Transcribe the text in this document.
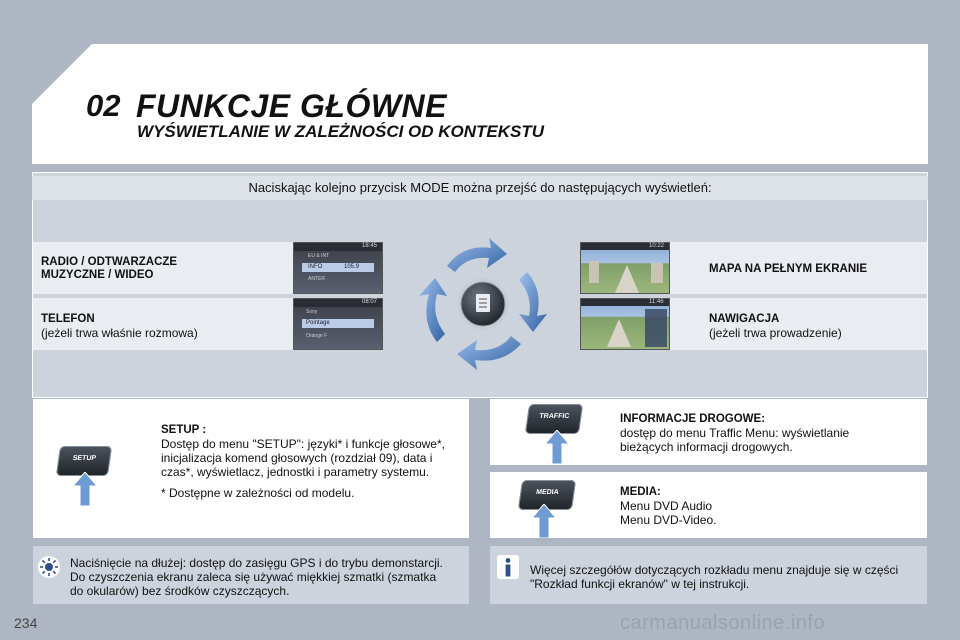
02 FUNKCJE GŁÓWNE
WYŚWIETLANIE W ZALEŻNOŚCI OD KONTEKSTU
Naciskając kolejno przycisk MODE można przejść do następujących wyświetleń:
RADIO / ODTWARZACZE
MUZYCZNE / WIDEO
TELEFON
(jeżeli trwa właśnie rozmowa)
18:45
EU & INT
INFO	105.9
ANTER
08:07
Sony
Pointage
Orange F
10:22
11:46
MAPA NA PEŁNYM EKRANIE
NAWIGACJA
(jeżeli trwa prowadzenie)
SETUP
SETUP :
Dostęp do menu "SETUP": języki* i funkcje głosowe*,
inicjalizacja komend głosowych (rozdział 09), data i
czas*, wyświetlacz, jednostki i parametry systemu.
* Dostępne w zależności od modelu.
TRAFFIC	INFORMACJE DROGOWE:
dostęp do menu Traffic Menu: wyświetlanie
bieżących informacji drogowych.
MEDIA	MEDIA:
Menu DVD Audio
Menu DVD-Video.
Naciśnięcie na dłużej: dostęp do zasięgu GPS i do trybu demonstarcji.
Do czyszczenia ekranu zaleca się używać miękkiej szmatki (szmatka
do okularów) bez środków czyszczących.
Więcej szczegółów dotyczących rozkładu menu znajduje się w części
"Rozkład funkcji ekranów" w tej instrukcji.
234	carmanualsonline.info
